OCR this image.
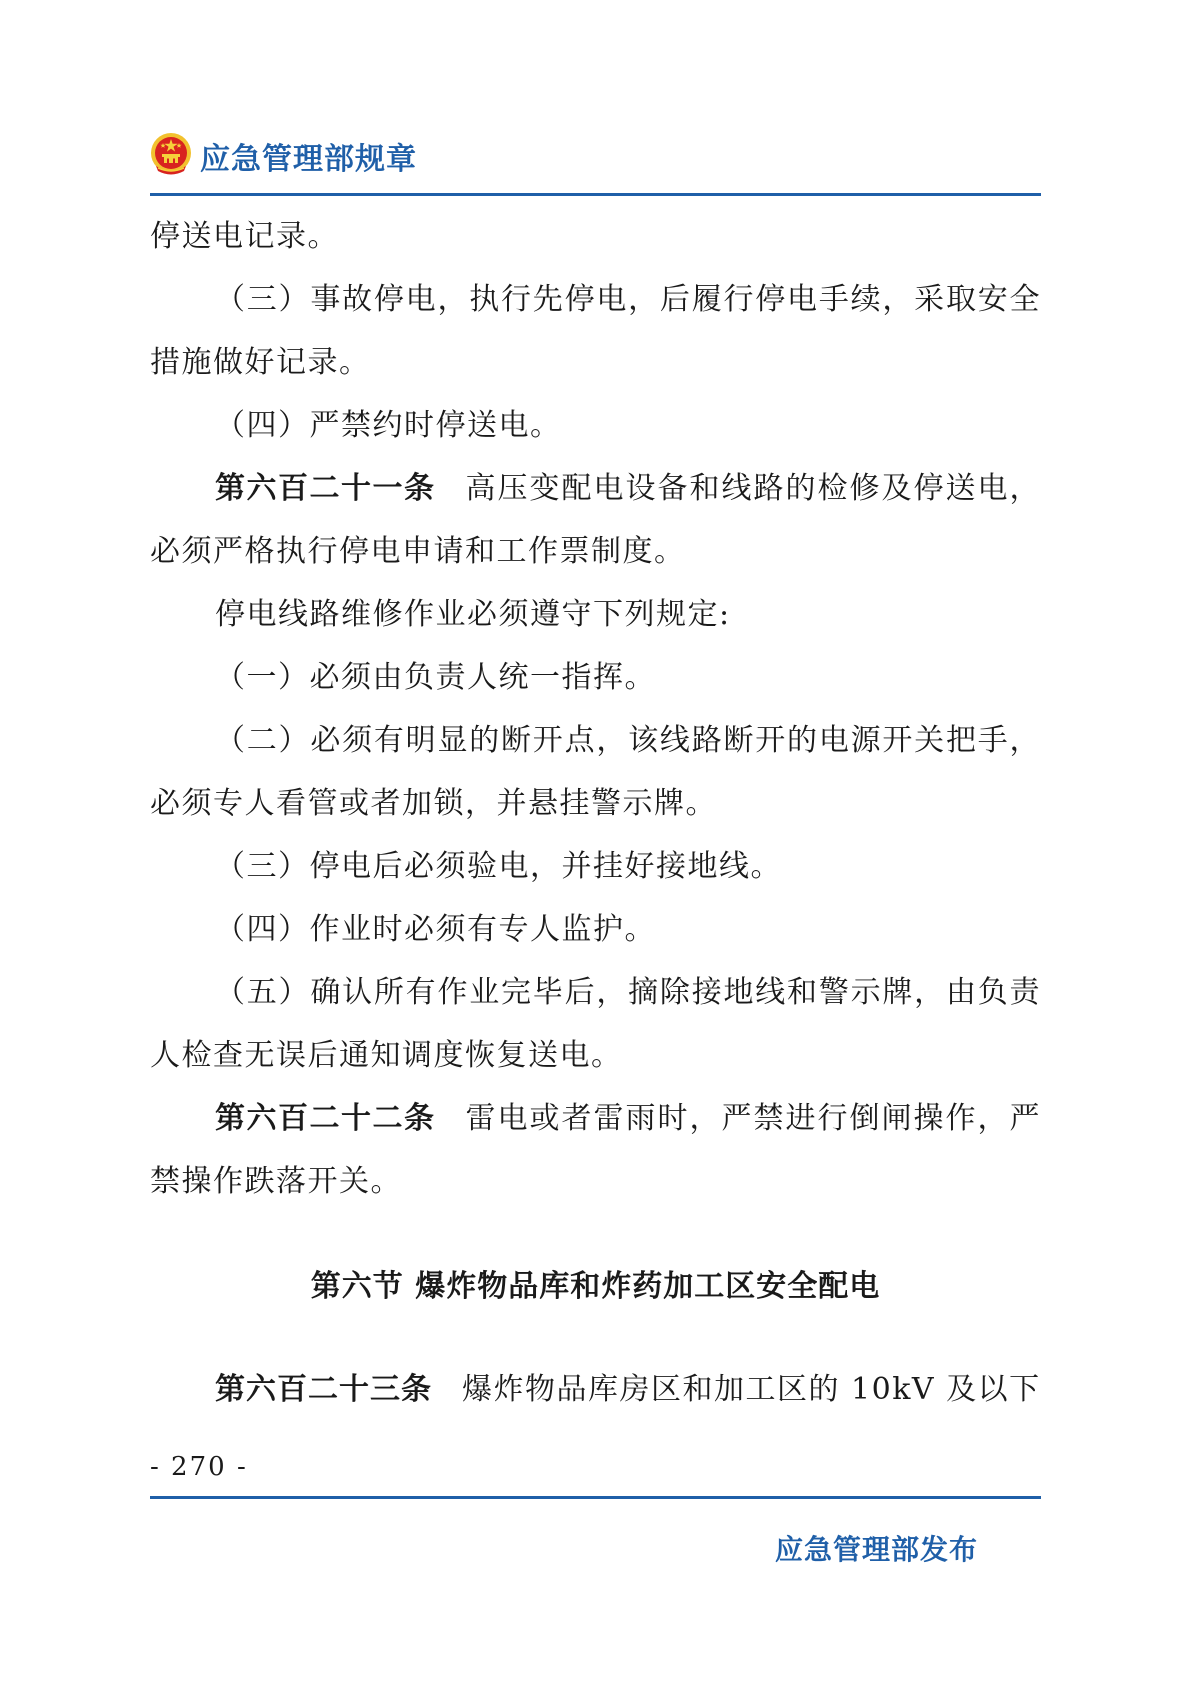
应急管理部规章

停送电记录。

（三）事故停电，执行先停电，后履行停电手续，采取安全措施做好记录。

（四）严禁约时停送电。

第六百二十一条 高压变配电设备和线路的检修及停送电，必须严格执行停电申请和工作票制度。

停电线路维修作业必须遵守下列规定:

（一）必须由负责人统一指挥。

（二）必须有明显的断开点，该线路断开的电源开关把手，必须专人看管或者加锁，并悬挂警示牌。

（三）停电后必须验电，并挂好接地线。

（四）作业时必须有专人监护。

（五）确认所有作业完毕后，摘除接地线和警示牌，由负责人检查无误后通知调度恢复送电。

第六百二十二条 雷电或者雷雨时，严禁进行倒闸操作，严禁操作跌落开关。

第六节 爆炸物品库和炸药加工区安全配电

第六百二十三条 爆炸物品库房区和加工区的 10kV 及以下

- 270 -
应急管理部发布
